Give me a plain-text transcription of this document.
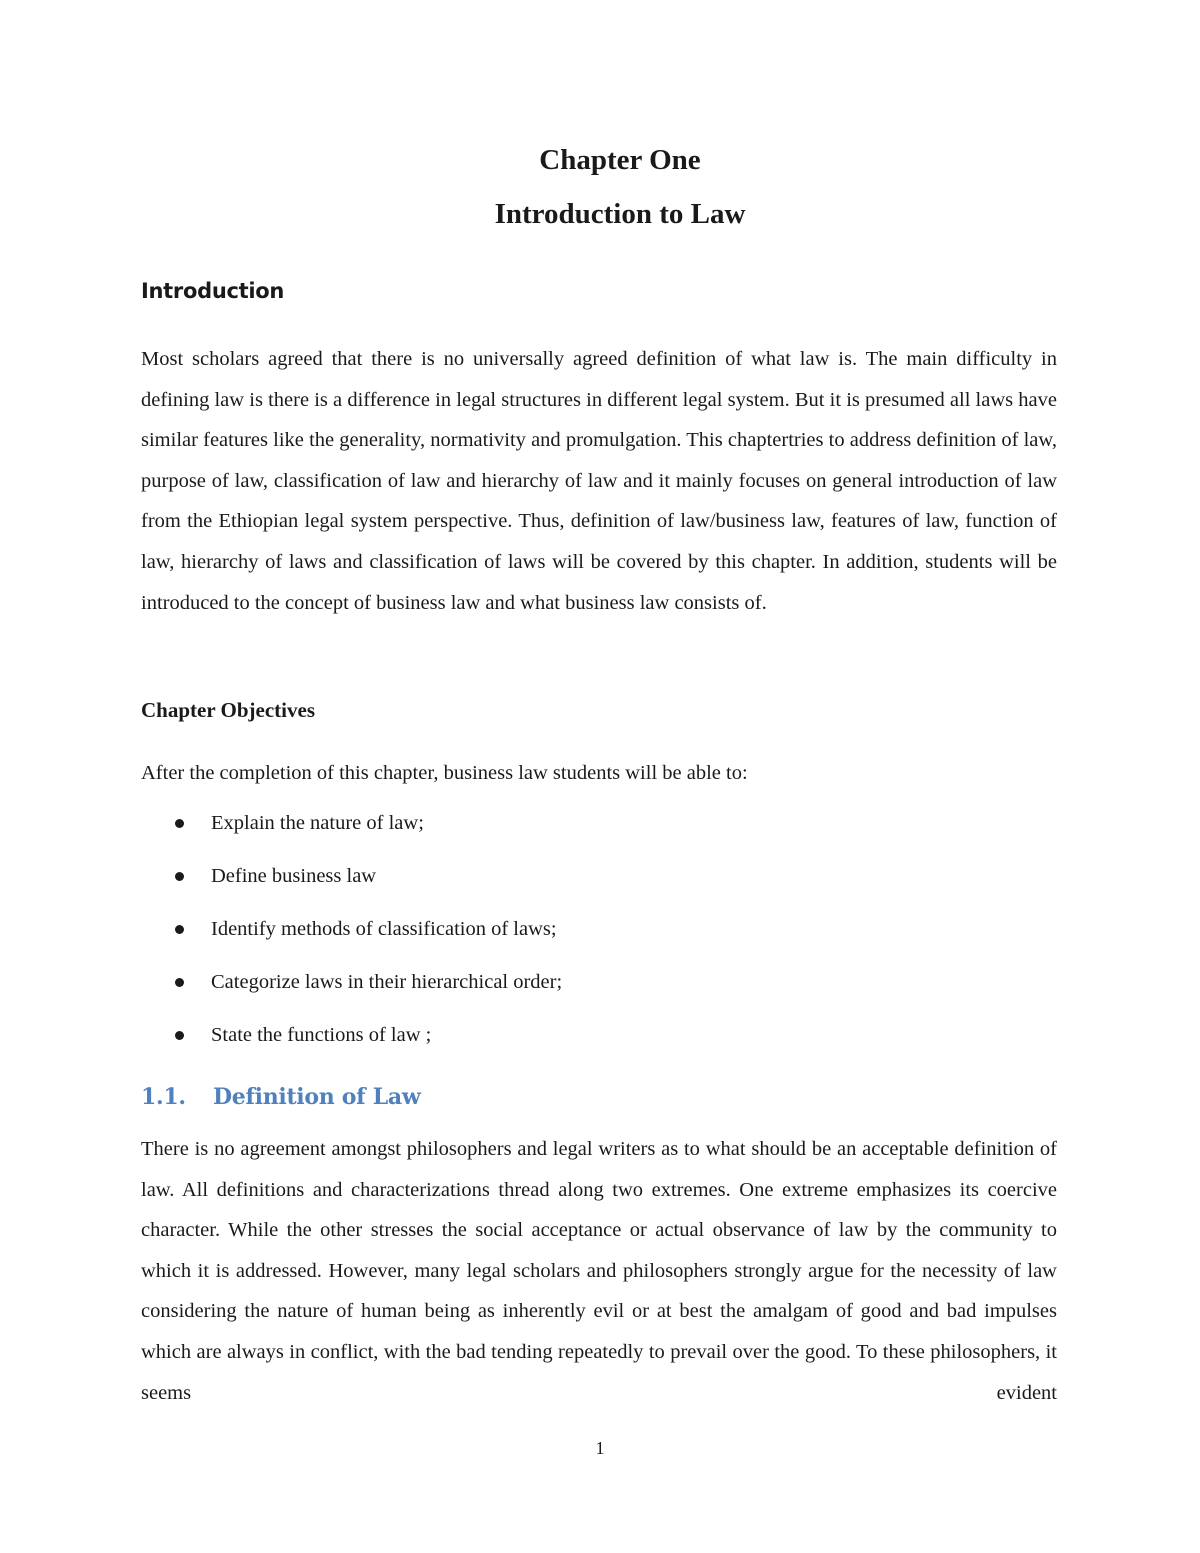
Chapter One
Introduction to Law
Introduction

Most scholars agreed that there is no universally agreed definition of what law is. The main difficulty in defining law is there is a difference in legal structures in different legal system. But it is presumed all laws have similar features like the generality, normativity and promulgation. This chaptertries to address definition of law, purpose of law, classification of law and hierarchy of law and it mainly focuses on general introduction of law from the Ethiopian legal system perspective. Thus, definition of law/business law, features of law, function of law, hierarchy of laws and classification of laws will be covered by this chapter. In addition, students will be introduced to the concept of business law and what business law consists of.

Chapter Objectives

After the completion of this chapter, business law students will be able to:

Explain the nature of law;
Define business law
Identify methods of classification of laws;
Categorize laws in their hierarchical order;
State the functions of law ;
1.1. Definition of Law

There is no agreement amongst philosophers and legal writers as to what should be an acceptable definition of law. All definitions and characterizations thread along two extremes. One extreme emphasizes its coercive character. While the other stresses the social acceptance or actual observance of law by the community to which it is addressed. However, many legal scholars and philosophers strongly argue for the necessity of law considering the nature of human being as inherently evil or at best the amalgam of good and bad impulses which are always in conflict, with the bad tending repeatedly to prevail over the good. To these philosophers, it seems evident

1
